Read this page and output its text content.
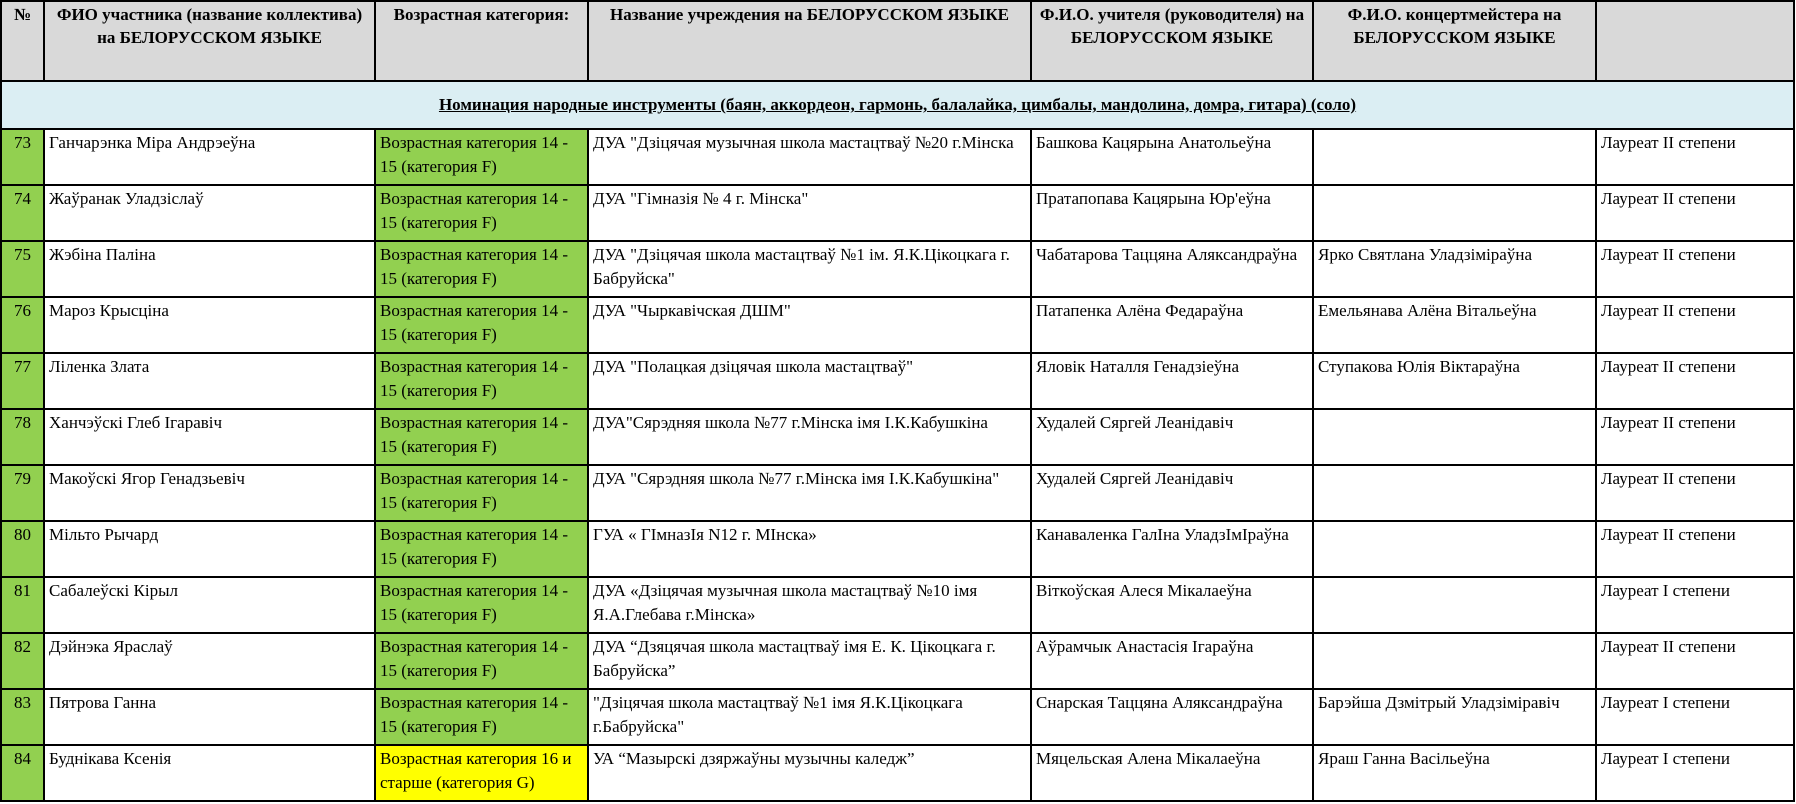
№	ФИО участника (название коллектива) на БЕЛОРУССКОМ ЯЗЫКЕ	Возрастная категория:	Название учреждения на БЕЛОРУССКОМ ЯЗЫКЕ	Ф.И.О. учителя (руководителя) на БЕЛОРУССКОМ ЯЗЫКЕ	Ф.И.О. концертмейстера на БЕЛОРУССКОМ ЯЗЫКЕ	
Номинация народные инструменты (баян, аккордеон, гармонь, балалайка, цимбалы, мандолина, домра, гитара) (соло)						
73	Ганчарэнка Міра Андрэеўна	Возрастная категория 14 - 15 (категория F)	ДУА "Дзіцячая музычная школа мастацтваў №20 г.Мінска	Башкова Кацярына Анатольеўна		Лауреат II степени
74	Жаўранак Уладзіслаў	Возрастная категория 14 - 15 (категория F)	ДУА "Гімназія № 4 г. Мінска"	Пратапопава Кацярына Юр'еўна		Лауреат II степени
75	Жэбіна Паліна	Возрастная категория 14 - 15 (категория F)	ДУА "Дзіцячая школа мастацтваў №1 ім. Я.К.Цікоцкага г. Бабруйска"	Чабатарова Таццяна Аляксандраўна	Ярко Святлана Уладзіміраўна	Лауреат II степени
76	Мароз Крысціна	Возрастная категория 14 - 15 (категория F)	ДУА "Чыркавічская ДШМ"	Патапенка Алёна Федараўна	Емельянава Алёна Вітальеўна	Лауреат II степени
77	Ліленка Злата	Возрастная категория 14 - 15 (категория F)	ДУА "Полацкая дзіцячая школа мастацтваў"	Яловік Наталля Генадзіеўна	Ступакова Юлія Віктараўна	Лауреат II степени
78	Ханчэўскі Глеб Ігаравіч	Возрастная категория 14 - 15 (категория F)	ДУА"Сярэдняя школа №77 г.Мінска імя І.К.Кабушкіна	Худалей Сяргей Леанідавіч		Лауреат II степени
79	Макоўскі Ягор Генадзьевіч	Возрастная категория 14 - 15 (категория F)	ДУА "Сярэдняя школа №77 г.Мінска імя І.К.Кабушкіна"	Худалей Сяргей Леанідавіч		Лауреат II степени
80	Мільто Рычард	Возрастная категория 14 - 15 (категория F)	ГУА « ГІмназІя N12 г. МІнска»	Канаваленка ГалІна УладзІмІраўна		Лауреат II степени
81	Сабалеўскі Кірыл	Возрастная категория 14 - 15 (категория F)	ДУА «Дзіцячая музычная школа мастацтваў №10 імя Я.А.Глебава г.Мінска»	Віткоўская Алеся Мікалаеўна		Лауреат I степени
82	Дэйнэка Яраслаў	Возрастная категория 14 - 15 (категория F)	ДУА “Дзяцячая школа мастацтваў імя Е. К. Цікоцкага г. Бабруйска”	Аўрамчык Анастасія Ігараўна		Лауреат II степени
83	Пятрова Ганна	Возрастная категория 14 - 15 (категория F)	"Дзіцячая школа мастацтваў №1 імя Я.К.Цікоцкага г.Бабруйска"	Снарская Таццяна Аляксандраўна	Барэйша Дзмітрый Уладзіміравіч	Лауреат I степени
84	Буднікава Ксенія	Возрастная категория 16 и старше (категория G)	УА “Мазырскі дзяржаўны музычны каледж”	Мяцельская Алена Мікалаеўна	Яраш Ганна Васільеўна	Лауреат I степени
